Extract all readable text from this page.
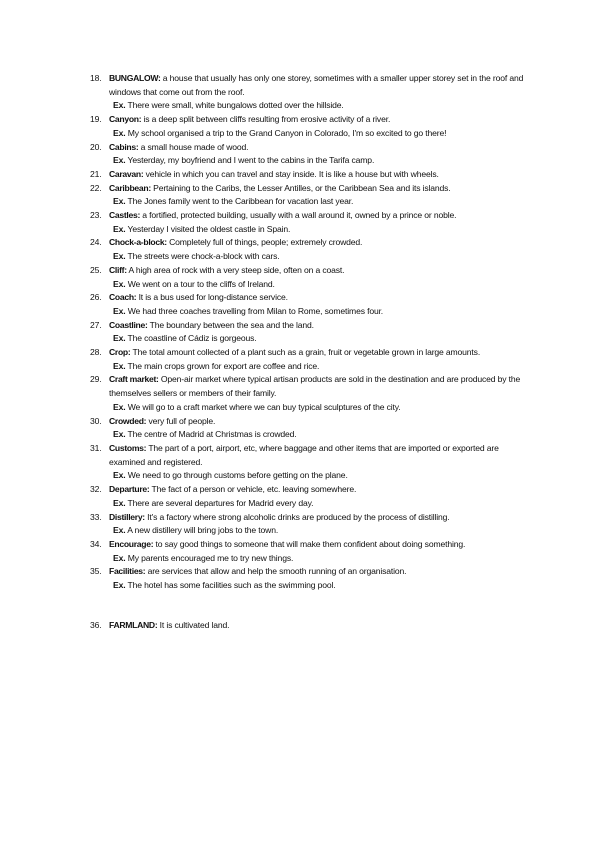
18. BUNGALOW: a house that usually has only one storey, sometimes with a smaller upper storey set in the roof and windows that come out from the roof.
Ex. There were small, white bungalows dotted over the hillside.
19. Canyon: is a deep split between cliffs resulting from erosive activity of a river.
Ex. My school organised a trip to the Grand Canyon in Colorado, I'm so excited to go there!
20. Cabins: a small house made of wood.
Ex. Yesterday, my boyfriend and I went to the cabins in the Tarifa camp.
21. Caravan: vehicle in which you can travel and stay inside. It is like a house but with wheels.
22. Caribbean: Pertaining to the Caribs, the Lesser Antilles, or the Caribbean Sea and its islands.
Ex. The Jones family went to the Caribbean for vacation last year.
23. Castles: a fortified, protected building, usually with a wall around it, owned by a prince or noble.
Ex. Yesterday I visited the oldest castle in Spain.
24. Chock-a-block: Completely full of things, people; extremely crowded.
Ex. The streets were chock-a-block with cars.
25. Cliff: A high area of rock with a very steep side, often on a coast.
Ex. We went on a tour to the cliffs of Ireland.
26. Coach: It is a bus used for long-distance service.
Ex. We had three coaches travelling from Milan to Rome, sometimes four.
27. Coastline: The boundary between the sea and the land.
Ex. The coastline of Cádiz is gorgeous.
28. Crop: The total amount collected of a plant such as a grain, fruit or vegetable grown in large amounts.
Ex. The main crops grown for export are coffee and rice.
29. Craft market: Open-air market where typical artisan products are sold in the destination and are produced by the themselves sellers or members of their family.
Ex. We will go to a craft market where we can buy typical sculptures of the city.
30. Crowded: very full of people.
Ex. The centre of Madrid at Christmas is crowded.
31. Customs: The part of a port, airport, etc, where baggage and other items that are imported or exported are examined and registered.
Ex. We need to go through customs before getting on the plane.
32. Departure: The fact of a person or vehicle, etc. leaving somewhere.
Ex. There are several departures for Madrid every day.
33. Distillery: It's a factory where strong alcoholic drinks are produced by the process of distilling.
Ex. A new distillery will bring jobs to the town.
34. Encourage: to say good things to someone that will make them confident about doing something.
Ex. My parents encouraged me to try new things.
35. Facilities: are services that allow and help the smooth running of an organisation.
Ex. The hotel has some facilities such as the swimming pool.
36. FARMLAND: It is cultivated land.
